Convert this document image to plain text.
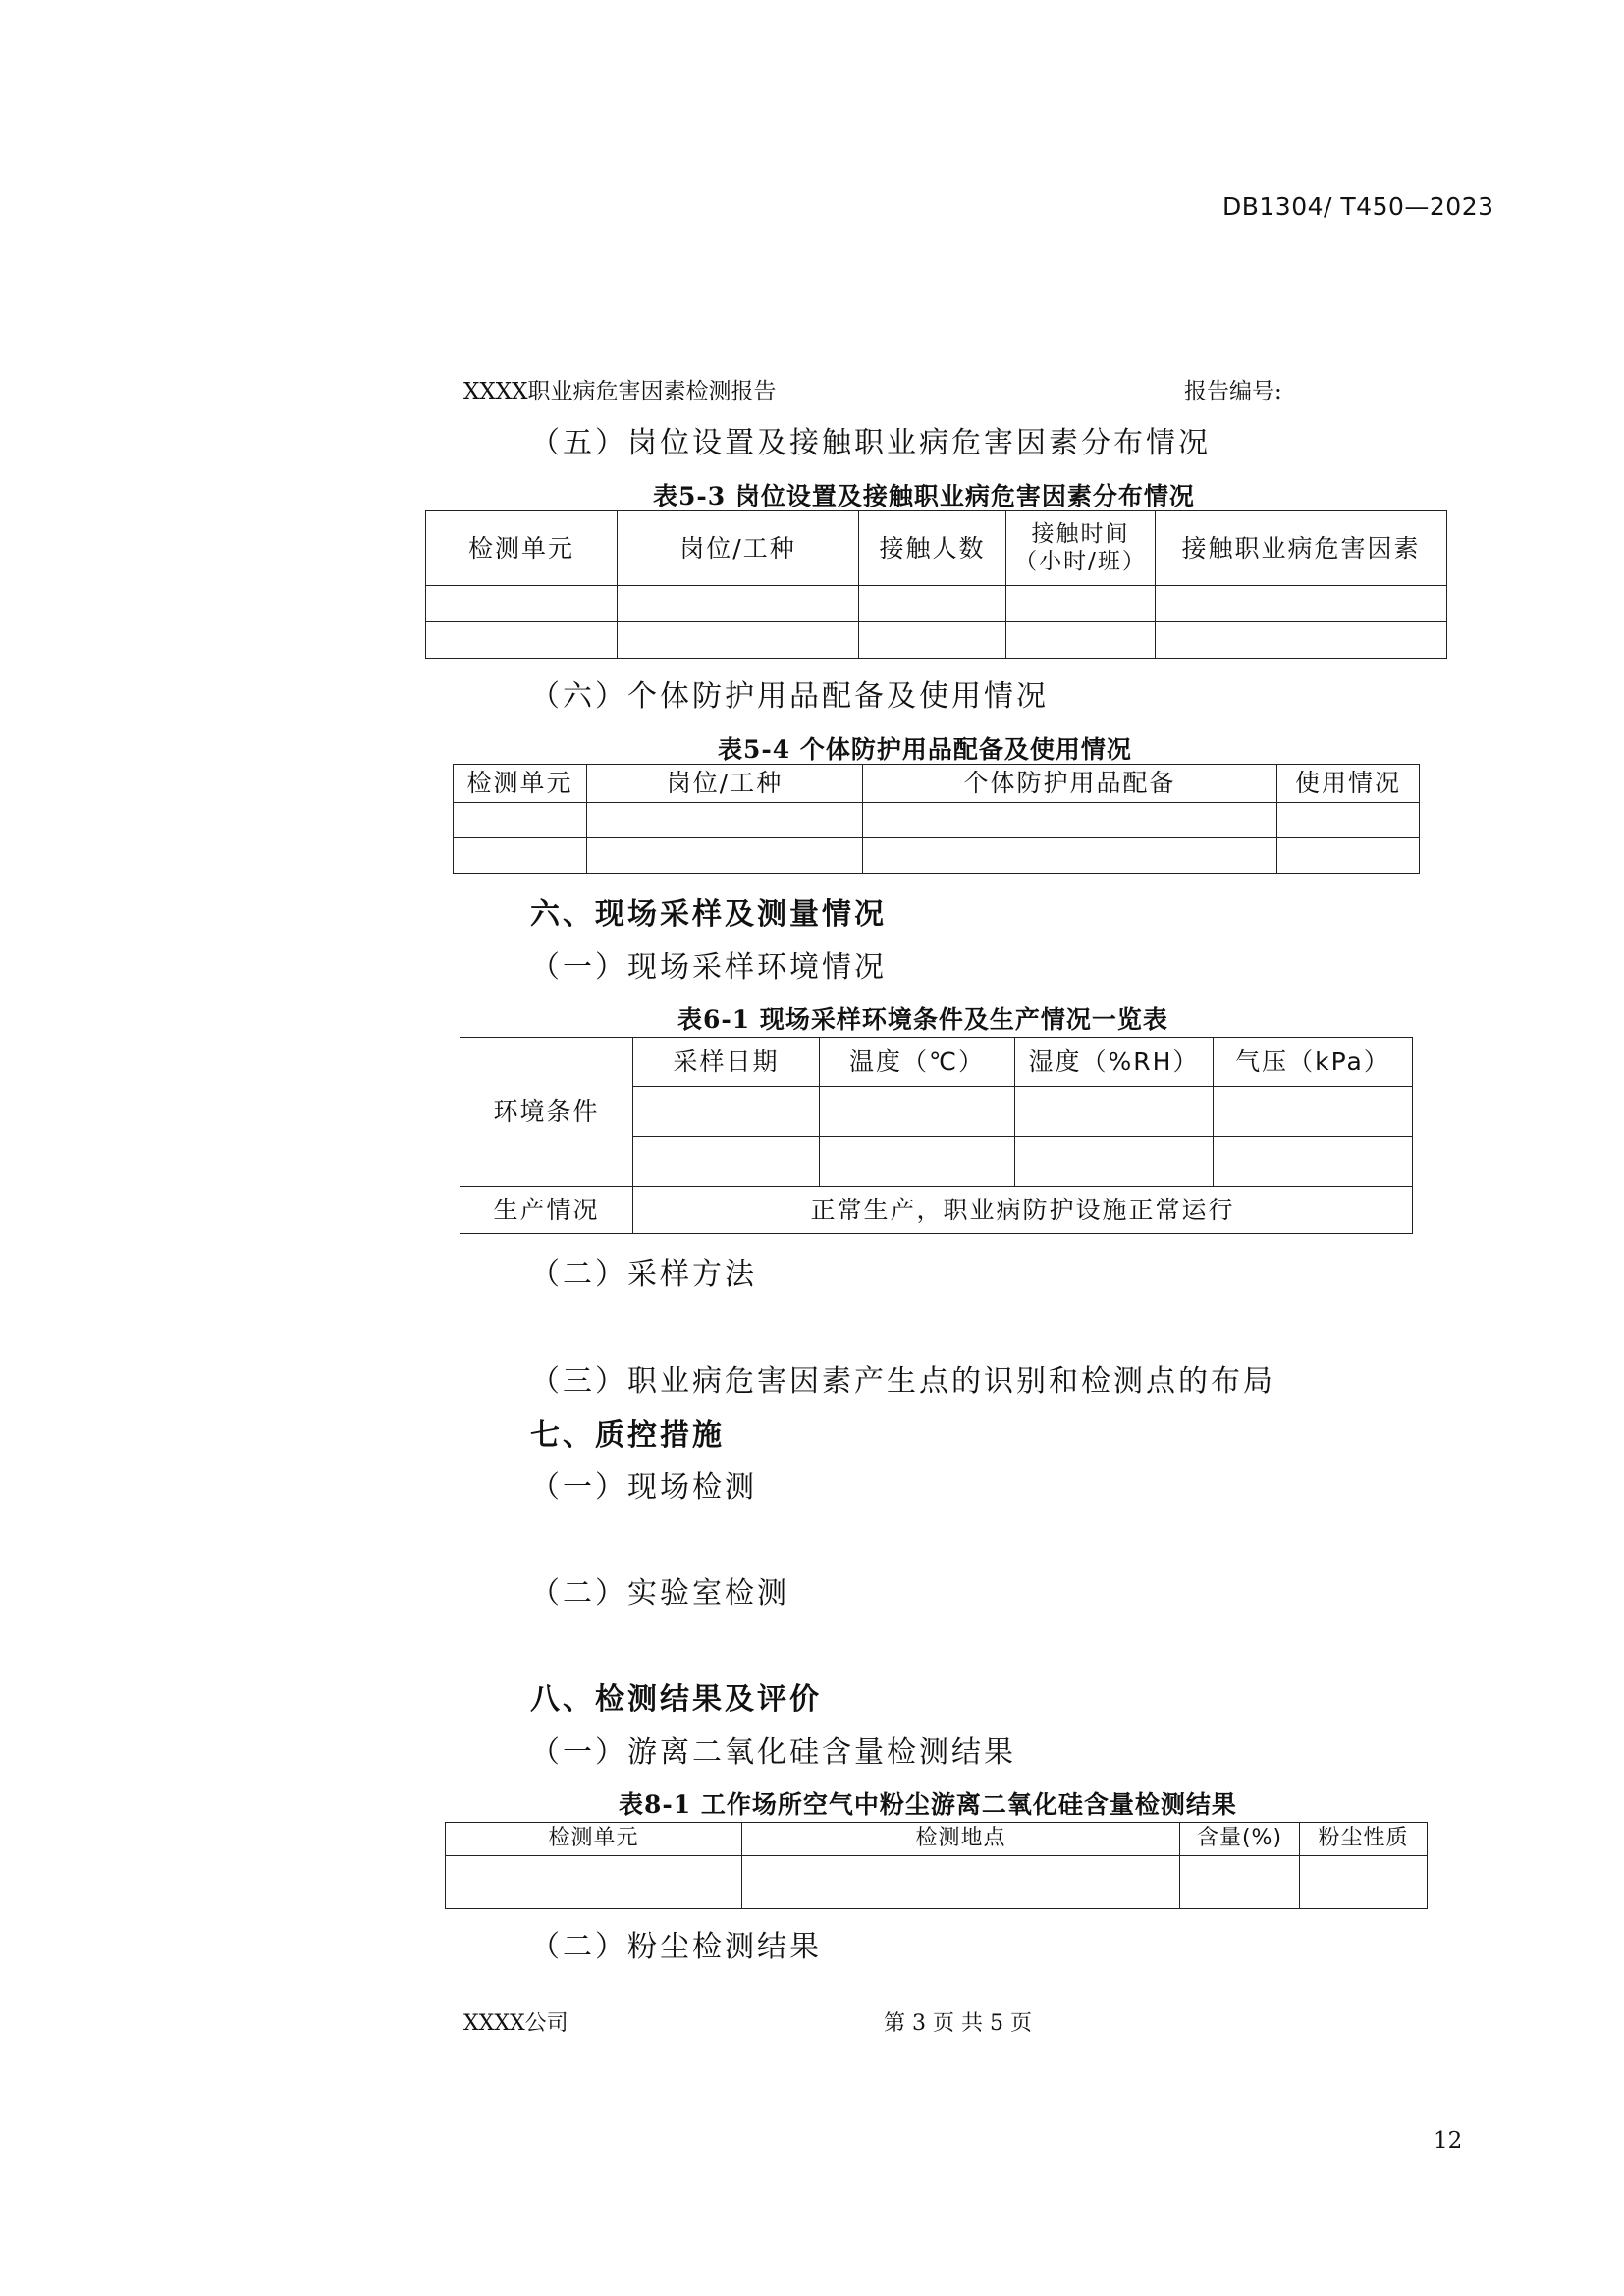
DB1304/ T450—2023
XXXX职业病危害因素检测报告	报告编号:
（五）岗位设置及接触职业病危害因素分布情况
表5-3 岗位设置及接触职业病危害因素分布情况
检测单元	岗位/工种	接触人数	接触时间
（小时/班）	接触职业病危害因素

（六）个体防护用品配备及使用情况
表5-4 个体防护用品配备及使用情况
检测单元	岗位/工种	个体防护用品配备	使用情况

六、现场采样及测量情况
（一）现场采样环境情况
表6-1 现场采样环境条件及生产情况一览表
环境条件	采样日期	温度（℃）	湿度（%RH）	气压（kPa）

生产情况	正常生产，职业病防护设施正常运行			
（二）采样方法
（三）职业病危害因素产生点的识别和检测点的布局
七、质控措施
（一）现场检测
（二）实验室检测
八、检测结果及评价
（一）游离二氧化硅含量检测结果
表8-1 工作场所空气中粉尘游离二氧化硅含量检测结果
检测单元	检测地点	含量(%)	粉尘性质

（二）粉尘检测结果
XXXX公司	第 3 页 共 5 页
12
